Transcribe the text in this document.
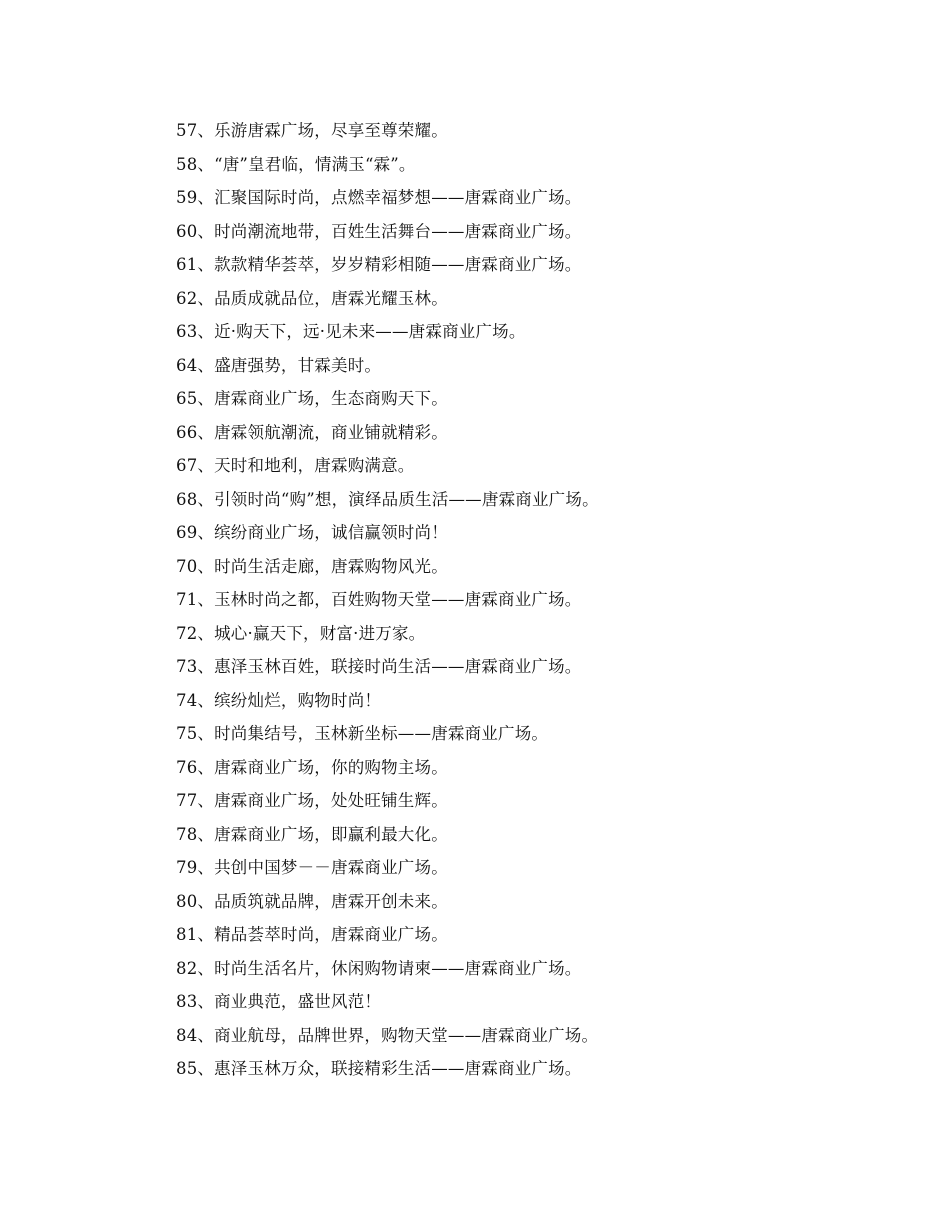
57、乐游唐霖广场，尽享至尊荣耀。
58、“唐”皇君临，情满玉“霖”。
59、汇聚国际时尚，点燃幸福梦想——唐霖商业广场。
60、时尚潮流地带，百姓生活舞台——唐霖商业广场。
61、款款精华荟萃，岁岁精彩相随——唐霖商业广场。
62、品质成就品位，唐霖光耀玉林。
63、近·购天下，远·见未来——唐霖商业广场。
64、盛唐强势，甘霖美时。
65、唐霖商业广场，生态商购天下。
66、唐霖领航潮流，商业铺就精彩。
67、天时和地利，唐霖购满意。
68、引领时尚“购”想，演绎品质生活——唐霖商业广场。
69、缤纷商业广场，诚信赢领时尚！
70、时尚生活走廊，唐霖购物风光。
71、玉林时尚之都，百姓购物天堂——唐霖商业广场。
72、城心·赢天下，财富·进万家。
73、惠泽玉林百姓，联接时尚生活——唐霖商业广场。
74、缤纷灿烂，购物时尚！
75、时尚集结号，玉林新坐标——唐霖商业广场。
76、唐霖商业广场，你的购物主场。
77、唐霖商业广场，处处旺铺生辉。
78、唐霖商业广场，即赢利最大化。
79、共创中国梦－－唐霖商业广场。
80、品质筑就品牌，唐霖开创未来。
81、精品荟萃时尚，唐霖商业广场。
82、时尚生活名片，休闲购物请柬——唐霖商业广场。
83、商业典范，盛世风范！
84、商业航母，品牌世界，购物天堂——唐霖商业广场。
85、惠泽玉林万众，联接精彩生活——唐霖商业广场。
